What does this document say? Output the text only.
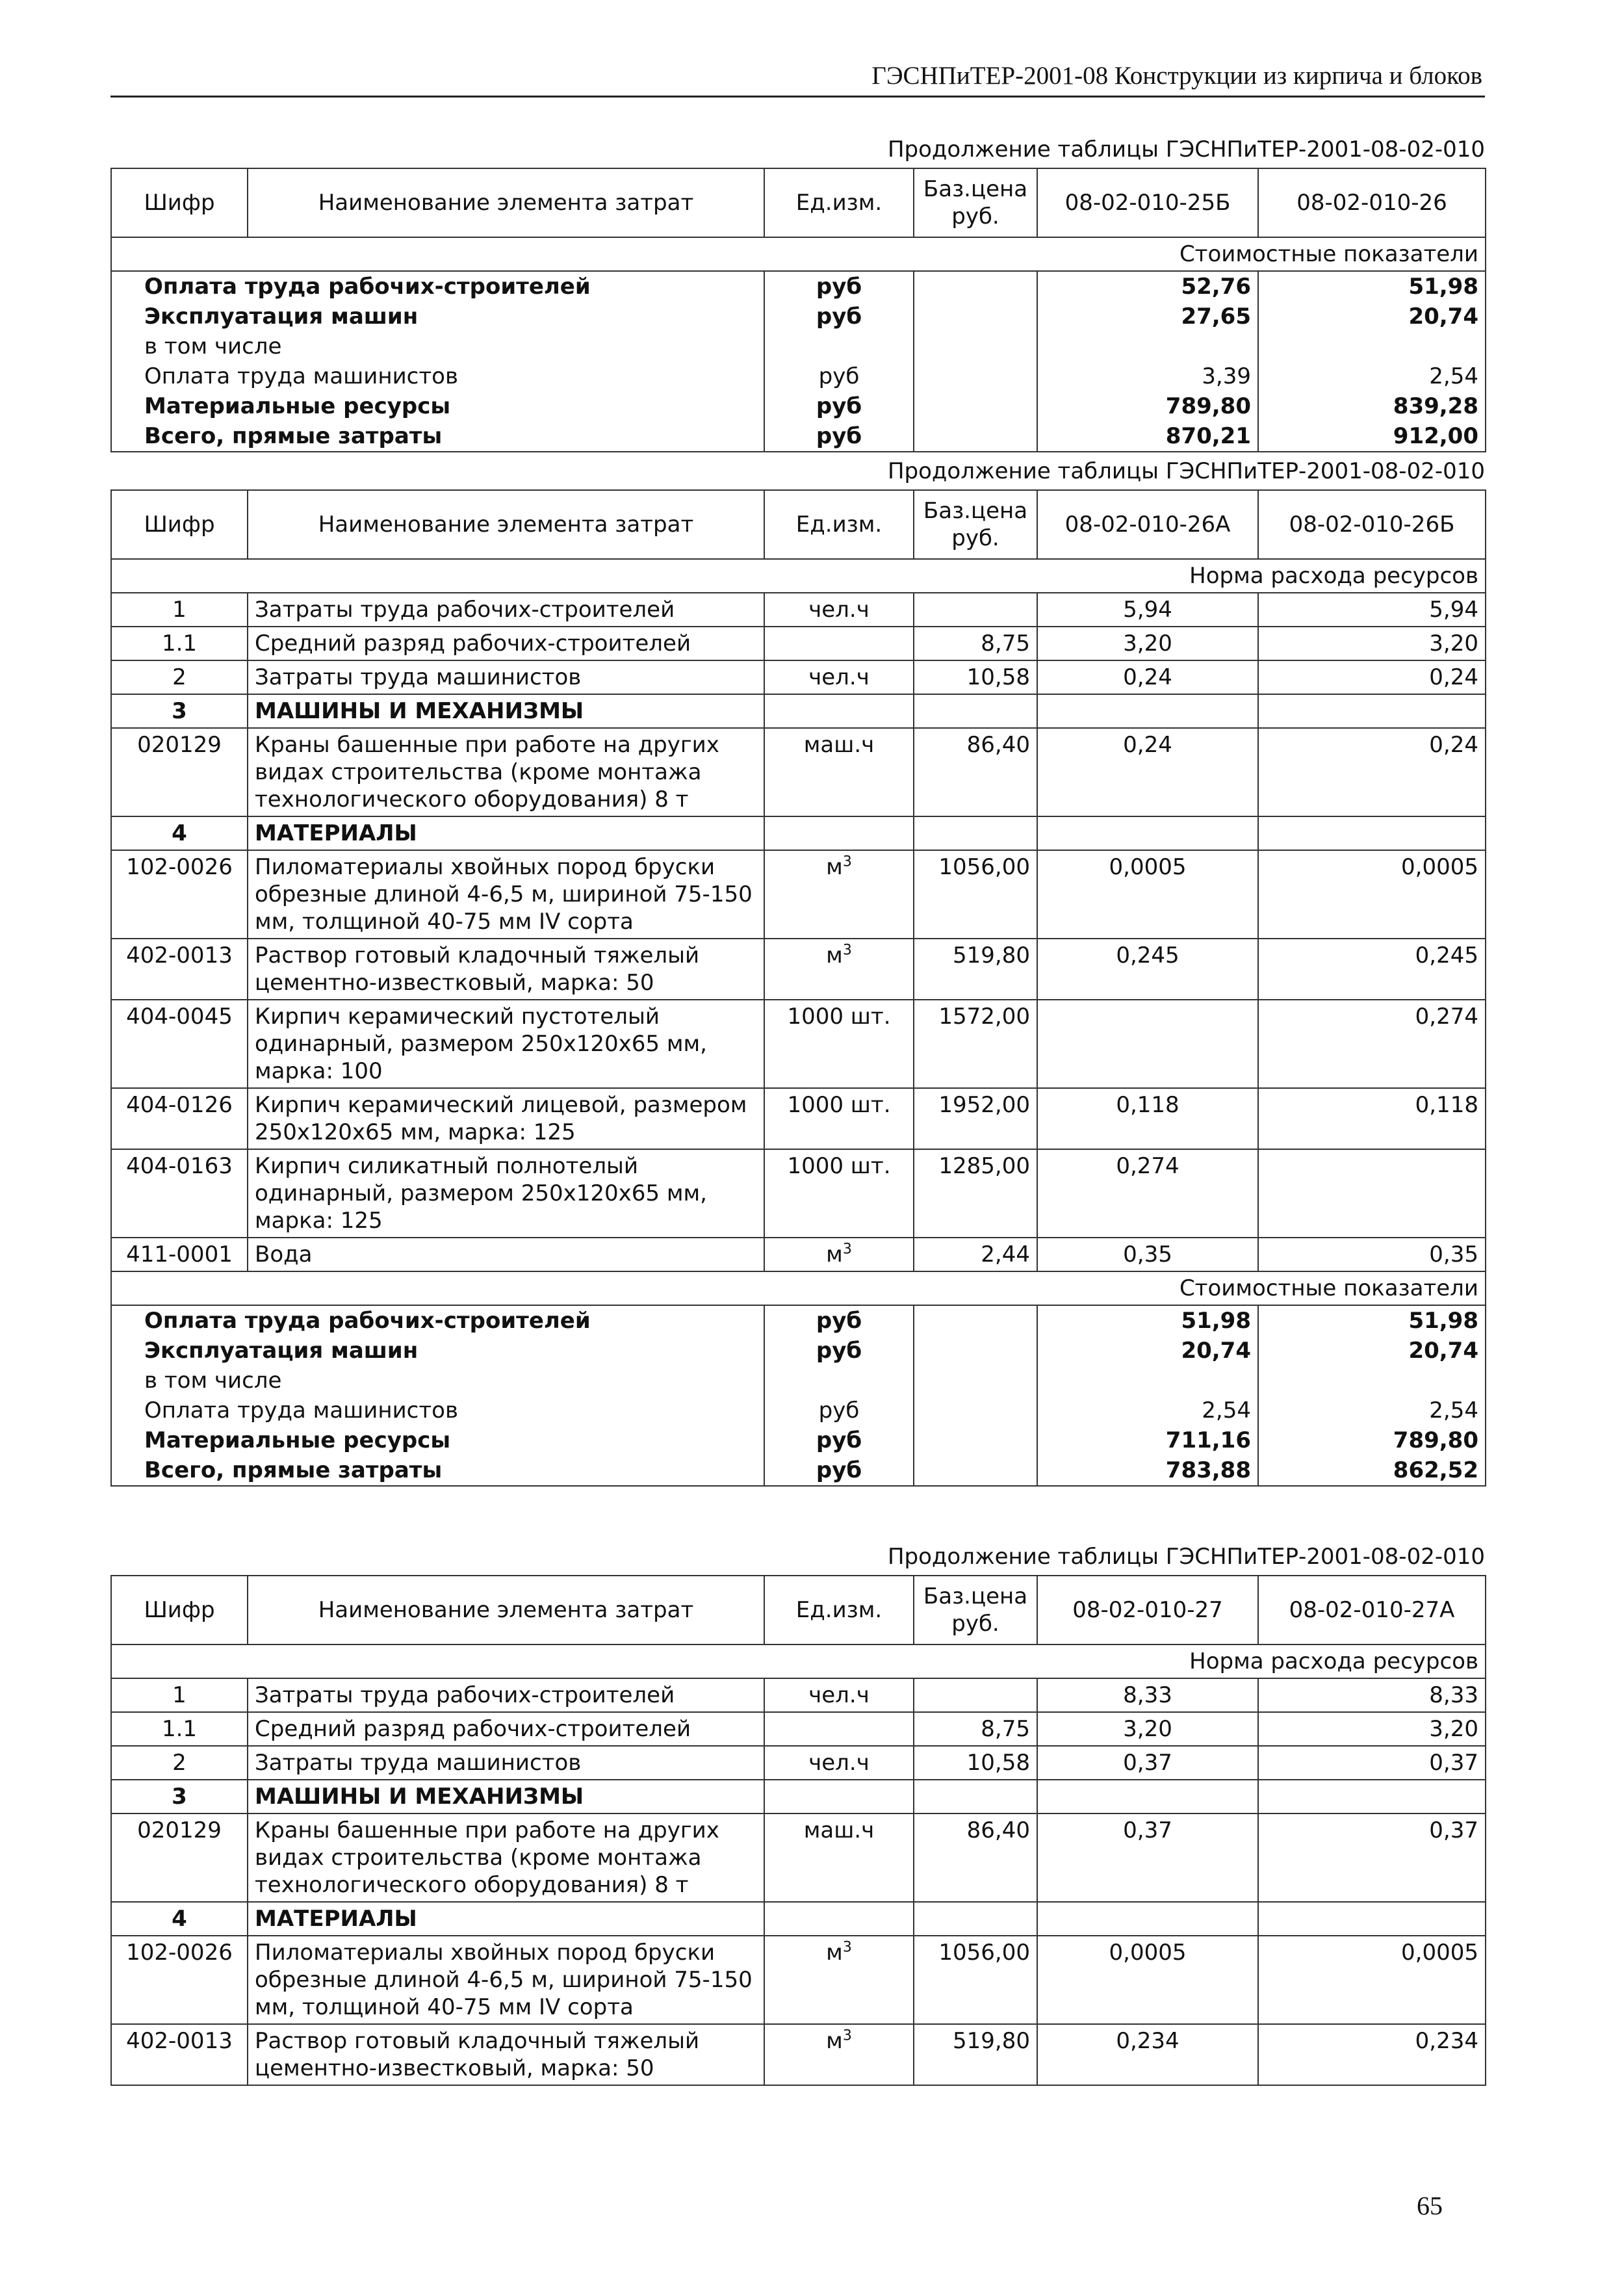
ГЭСНПиТЕР-2001-08 Конструкции из кирпича и блоков
Продолжение таблицы ГЭСНПиТЕР-2001-08-02-010
Шифр	Наименование элемента затрат	Ед.изм.	Баз.цена руб.	08-02-010-25Б	08-02-010-26
Стоимостные показатели					
Оплата труда рабочих-строителей		руб		52,76	51,98
Эксплуатация машин		руб		27,65	20,74
в том числе					
Оплата труда машинистов		руб		3,39	2,54
Материальные ресурсы		руб		789,80	839,28
Всего, прямые затраты		руб		870,21	912,00
Продолжение таблицы ГЭСНПиТЕР-2001-08-02-010
Шифр	Наименование элемента затрат	Ед.изм.	Баз.цена руб.	08-02-010-26А	08-02-010-26Б
Норма расхода ресурсов					
1	Затраты труда рабочих-строителей	чел.ч		5,94	5,94
1.1	Средний разряд рабочих-строителей		8,75	3,20	3,20
2	Затраты труда машинистов	чел.ч	10,58	0,24	0,24
3	МАШИНЫ И МЕХАНИЗМЫ				
020129	Краны башенные при работе на других видах строительства (кроме монтажа технологического оборудования) 8 т	маш.ч	86,40	0,24	0,24
4	МАТЕРИАЛЫ				
102-0026	Пиломатериалы хвойных пород бруски обрезные длиной 4-6,5 м, шириной 75-150 мм, толщиной 40-75 мм IV сорта	$м^3$	1056,00	0,0005	0,0005
402-0013	Раствор готовый кладочный тяжелый цементно-известковый, марка: 50	$м^3$	519,80	0,245	0,245
404-0045	Кирпич керамический пустотелый одинарный, размером 250х120х65 мм, марка: 100	1000 шт.	1572,00		0,274
404-0126	Кирпич керамический лицевой, размером 250х120х65 мм, марка: 125	1000 шт.	1952,00	0,118	0,118
404-0163	Кирпич силикатный полнотелый одинарный, размером 250х120х65 мм, марка: 125	1000 шт.	1285,00	0,274	
411-0001	Вода	$м^3$	2,44	0,35	0,35
Стоимостные показатели					
Оплата труда рабочих-строителей		руб		51,98	51,98
Эксплуатация машин		руб		20,74	20,74
в том числе					
Оплата труда машинистов		руб		2,54	2,54
Материальные ресурсы		руб		711,16	789,80
Всего, прямые затраты		руб		783,88	862,52
Продолжение таблицы ГЭСНПиТЕР-2001-08-02-010
Шифр	Наименование элемента затрат	Ед.изм.	Баз.цена руб.	08-02-010-27	08-02-010-27А
Норма расхода ресурсов					
1	Затраты труда рабочих-строителей	чел.ч		8,33	8,33
1.1	Средний разряд рабочих-строителей		8,75	3,20	3,20
2	Затраты труда машинистов	чел.ч	10,58	0,37	0,37
3	МАШИНЫ И МЕХАНИЗМЫ				
020129	Краны башенные при работе на других видах строительства (кроме монтажа технологического оборудования) 8 т	маш.ч	86,40	0,37	0,37
4	МАТЕРИАЛЫ				
102-0026	Пиломатериалы хвойных пород бруски обрезные длиной 4-6,5 м, шириной 75-150 мм, толщиной 40-75 мм IV сорта	$м^3$	1056,00	0,0005	0,0005
402-0013	Раствор готовый кладочный тяжелый цементно-известковый, марка: 50	$м^3$	519,80	0,234	0,234
65
